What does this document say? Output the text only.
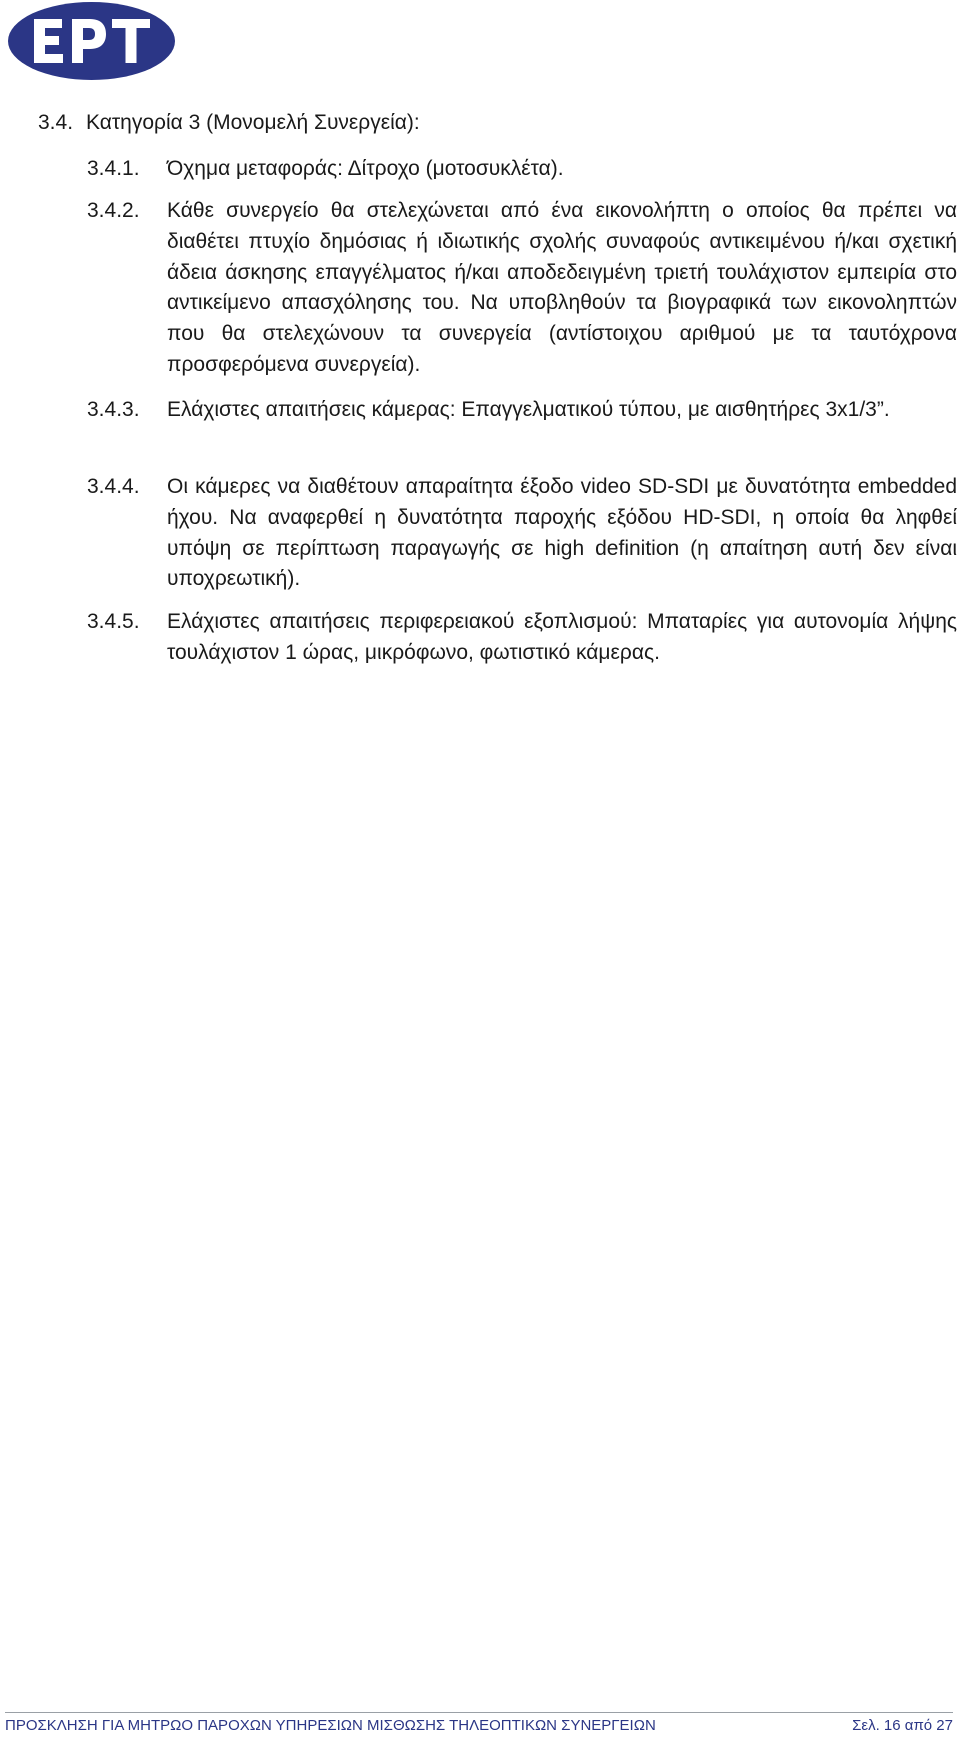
3.4. Κατηγορία 3 (Μονομελή Συνεργεία):
3.4.1. Όχημα μεταφοράς: Δίτροχο (μοτοσυκλέτα).
3.4.2. Κάθε συνεργείο θα στελεχώνεται από ένα εικονολήπτη ο οποίος θα πρέπει να διαθέτει πτυχίο δημόσιας ή ιδιωτικής σχολής συναφούς αντικειμένου ή/και σχετική άδεια άσκησης επαγγέλματος ή/και αποδεδειγμένη τριετή τουλάχιστον εμπειρία στο αντικείμενο απασχόλησης του. Να υποβληθούν τα βιογραφικά των εικονοληπτών που θα στελεχώνουν τα συνεργεία (αντίστοιχου αριθμού με τα ταυτόχρονα προσφερόμενα συνεργεία).
3.4.3. Ελάχιστες απαιτήσεις κάμερας: Επαγγελματικού τύπου, με αισθητήρες 3x1/3”.
3.4.4. Οι κάμερες να διαθέτουν απαραίτητα έξοδο video SD-SDI με δυνατότητα embedded ήχου. Να αναφερθεί η δυνατότητα παροχής εξόδου HD-SDI, η οποία θα ληφθεί υπόψη σε περίπτωση παραγωγής σε high definition (η απαίτηση αυτή δεν είναι υποχρεωτική).
3.4.5. Ελάχιστες απαιτήσεις περιφερειακού εξοπλισμού: Μπαταρίες για αυτονομία λήψης τουλάχιστον 1 ώρας, μικρόφωνο, φωτιστικό κάμερας.
ΠΡΟΣΚΛΗΣΗ ΓΙΑ ΜΗΤΡΩΟ ΠΑΡΟΧΩΝ ΥΠΗΡΕΣΙΩΝ ΜΙΣΘΩΣΗΣ ΤΗΛΕΟΠΤΙΚΩΝ ΣΥΝΕΡΓΕΙΩΝ	Σελ. 16 από 27
